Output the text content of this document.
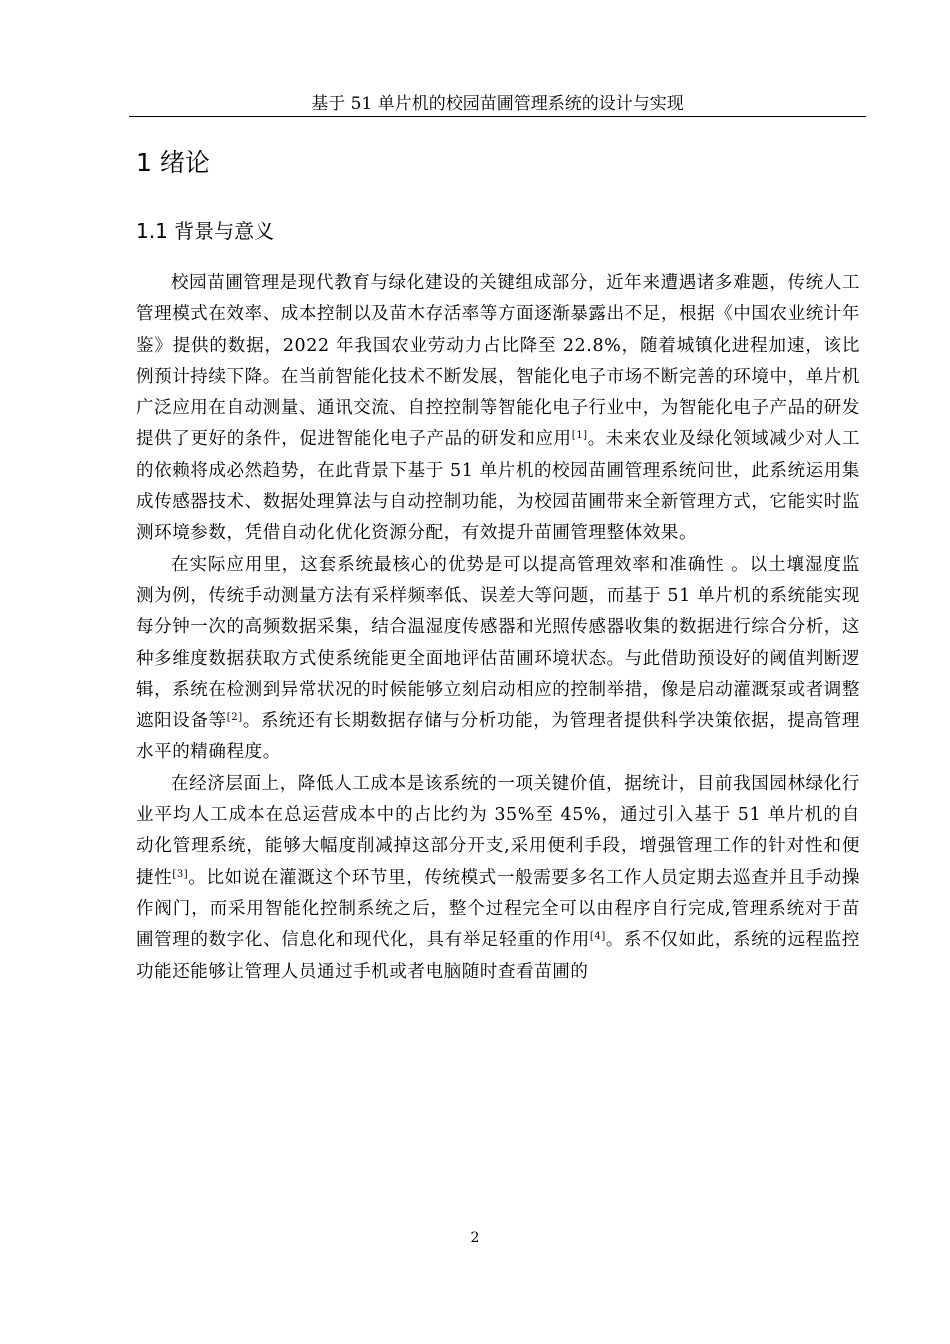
基于 51 单片机的校园苗圃管理系统的设计与实现
1 绪论
1.1 背景与意义

校园苗圃管理是现代教育与绿化建设的关键组成部分，近年来遭遇诸多难题，传统人工管理模式在效率、成本控制以及苗木存活率等方面逐渐暴露出不足，根据《中国农业统计年鉴》提供的数据，2022 年我国农业劳动力占比降至 22.8%，随着城镇化进程加速，该比例预计持续下降。在当前智能化技术不断发展，智能化电子市场不断完善的环境中，单片机广泛应用在自动测量、通讯交流、自控控制等智能化电子行业中，为智能化电子产品的研发提供了更好的条件，促进智能化电子产品的研发和应用[1]。未来农业及绿化领域减少对人工的依赖将成必然趋势，在此背景下基于 51 单片机的校园苗圃管理系统问世，此系统运用集成传感器技术、数据处理算法与自动控制功能，为校园苗圃带来全新管理方式，它能实时监测环境参数，凭借自动化优化资源分配，有效提升苗圃管理整体效果。

在实际应用里，这套系统最核心的优势是可以提高管理效率和准确性 。以土壤湿度监测为例，传统手动测量方法有采样频率低、误差大等问题，而基于 51 单片机的系统能实现每分钟一次的高频数据采集，结合温湿度传感器和光照传感器收集的数据进行综合分析，这种多维度数据获取方式使系统能更全面地评估苗圃环境状态。与此借助预设好的阈值判断逻辑，系统在检测到异常状况的时候能够立刻启动相应的控制举措，像是启动灌溉泵或者调整遮阳设备等[2]。系统还有长期数据存储与分析功能，为管理者提供科学决策依据，提高管理水平的精确程度。

在经济层面上，降低人工成本是该系统的一项关键价值，据统计，目前我国园林绿化行业平均人工成本在总运营成本中的占比约为 35%至 45%，通过引入基于 51 单片机的自动化管理系统，能够大幅度削减掉这部分开支,采用便利手段，增强管理工作的针对性和便捷性[3]。比如说在灌溉这个环节里，传统模式一般需要多名工作人员定期去巡查并且手动操作阀门，而采用智能化控制系统之后，整个过程完全可以由程序自行完成,管理系统对于苗圃管理的数字化、信息化和现代化，具有举足轻重的作用[4]。系不仅如此，系统的远程监控功能还能够让管理人员通过手机或者电脑随时查看苗圃的

2
